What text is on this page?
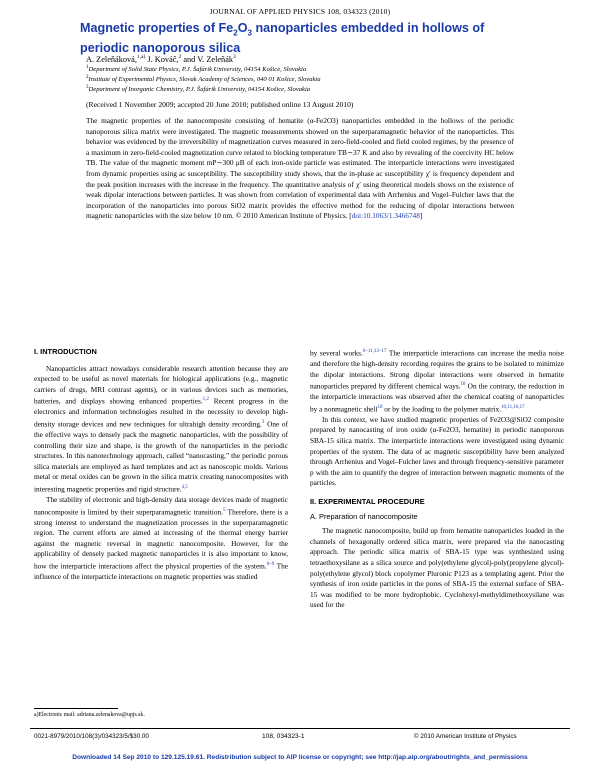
JOURNAL OF APPLIED PHYSICS 108, 034323 (2010)
Magnetic properties of $Fe_2O_3$ nanoparticles embedded in hollows of
periodic nanoporous silica
A. Zeleňáková,$^{1,a)}$ J. Kováč,$^2$ and V. Zeleňák$^3$
$^1$Department of Solid State Physics, P.J. Šafárik University, 04154 Košice, Slovakia
$^2$Institute of Experimental Physics, Slovak Academy of Sciences, 040 01 Košice, Slovakia
$^3$Department of Inorganic Chemistry, P.J. Šafárik University, 04154 Košice, Slovakia
(Received 1 November 2009; accepted 20 June 2010; published online 13 August 2010)
The magnetic properties of the nanocomposite consisting of hematite (α-Fe2O3) nanoparticles embedded in the hollows of the periodic nanoporous silica matrix were investigated. The magnetic measurements showed on the superparamagnetic behavior of the nanoparticles. This behavior was evidenced by the irreversibility of magnetization curves measured in zero-field-cooled and field cooled regimes, by the presence of a maximum in zero-field-cooled magnetization curve related to blocking temperature TB∼37 K and also by revealing of the coercivity HC below TB. The value of the magnetic moment mP∼300 μB of each iron-oxide particle was estimated. The interparticle interactions were investigated from dynamic properties using ac susceptibility. The susceptibility study shows, that the in-phase ac susceptibility χ′ is frequency dependent and the peak position increases with the increase in the frequency. The quantitative analysis of χ′ using theoretical models shows on the existence of weak dipolar interactions between particles. It was shown from correlation of experimental data with Arrhenius and Vogel–Fulcher laws that the incorporation of the nanoparticles into porous SiO2 matrix provides the effective method for the reducing of dipolar interactions between magnetic nanoparticles with the size below 10 nm. © 2010 American Institute of Physics. [doi:10.1063/1.3466748]
I. INTRODUCTION

Nanoparticles attract nowadays considerable research attention because they are expected to be useful as novel materials for biological applications (e.g., magnetic carriers of drugs, MRI contrast agents), or in various devices such as memories, batteries, and displays showing enhanced properties.$^{1,2}$ Recent progress in the electronics and information technologies resulted in the necessity to develop high-density storage devices and new techniques for ultrahigh density recording.$^3$ One of the effective ways to densely pack the magnetic nanoparticles, with the possibility of controlling their size and shape, is the growth of the nanoparticles in the periodic structures. In this nanotechnology approach, called “nanocasting,” the periodic porous silica materials are employed as hard templates and act as nanoscopic molds. Various metal or metal oxides can be grown in the silica matrix creating nanocomposites with interesting magnetic properties and rigid structure.$^{4,5}$

The stability of electronic and high-density data storage devices made of magnetic nanocomposite is limited by their superparamagnetic transition.$^5$ Therefore, there is a strong interest to understand the magnetization processes in the superparamagnetic region. The current efforts are aimed at increasing of the thermal energy barrier against the magnetic reversal in magnetic nanocomposite. However, for the applicability of densely packed magnetic nanoparticles it is also important to know, how the interparticle interactions affect the physical properties of the system.$^{6-9}$ The influence of the interparticle interactions on magnetic properties was studied

by several works.$^{6-11,13-17}$ The interparticle interactions can increase the media noise and therefore the high-density recording requires the grains to be isolated to minimize the dipolar interactions. Strong dipolar interactions were observed in hematite nanoparticles prepared by different chemical ways.$^{18}$ On the contrary, the reduction in the interparticle interactions was observed after the chemical coating of nanoparticles by a nonmagnetic shell$^{18}$ or by the loading to the polymer matrix.$^{10,11,16,17}$

In this context, we have studied magnetic properties of Fe2O3@SiO2 composite prepared by nanocasting of iron oxide (α-Fe2O3, hematite) in periodic nanoporous SBA-15 silica matrix. The interparticle interactions were investigated using dynamic properties of the system. The data of ac magnetic susceptibility have been analyzed through Arrhenius and Vogel–Fulcher laws and through frequency-sensitive parameter p with the aim to quantify the degree of interaction between magnetic moments of the particles.

II. EXPERIMENTAL PROCEDURE
A. Preparation of nanocomposite

The magnetic nanocomposite, build up from hematite nanoparticles loaded in the channels of hexagonally ordered silica matrix, were prepared via the nanocasting approach. The periodic silica matrix of SBA-15 type was synthesized using tetraethoxysilane as a silica source and poly(ethylene glycol)-poly(propylene glycol)-poly(ethylene glycol) block copolymer Pluronic P123 as a templating agent. Prior the synthesis of iron oxide particles in the pores of SBA-15 the external surface of SBA-15 was modified to be more hydrophobic. Cyclohexyl-methyldimethoxysilane was used for the

a)Electronic mail: adriana.zelenakova@upjs.sk.
0021-8979/2010/108(3)/034323/5/$30.00	108, 034323-1	© 2010 American Institute of Physics
Downloaded 14 Sep 2010 to 129.125.19.61. Redistribution subject to AIP license or copyright; see http://jap.aip.org/about/rights_and_permissions
